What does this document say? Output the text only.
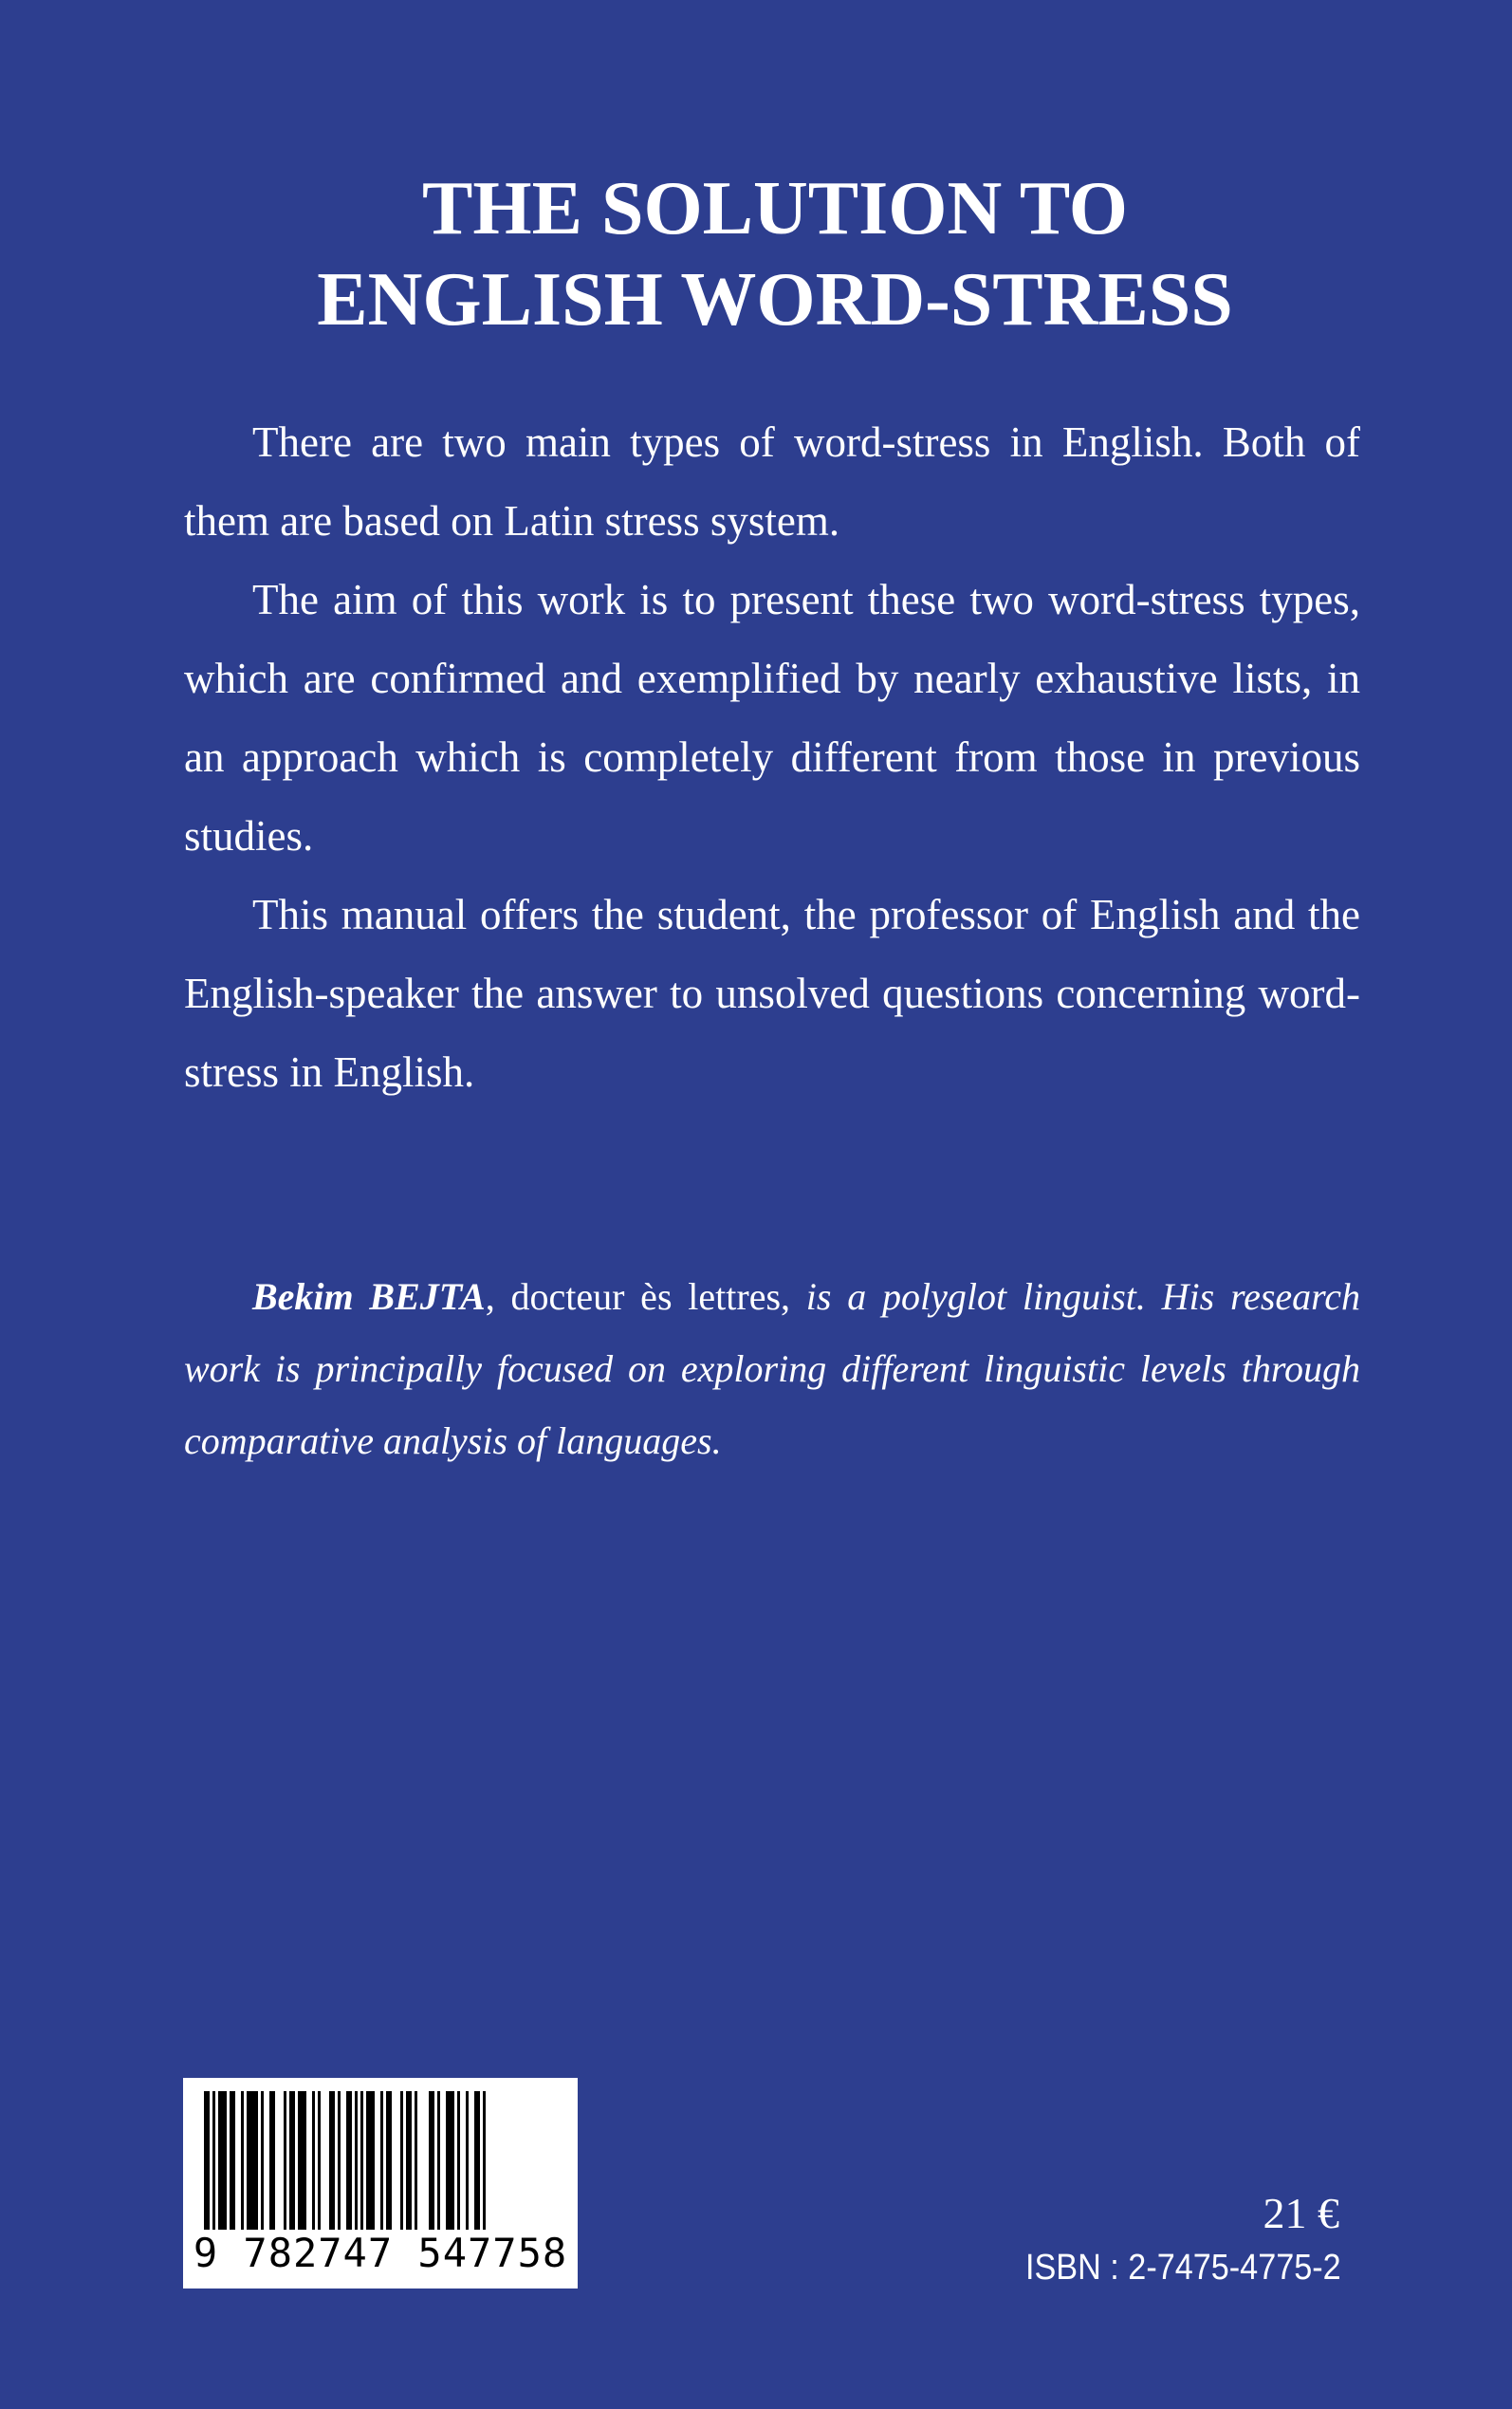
THE SOLUTION TO
ENGLISH WORD-STRESS

There are two main types of word-stress in English. Both of them are based on Latin stress system.

The aim of this work is to present these two word-stress types, which are confirmed and exemplified by nearly exhaustive lists, in an approach which is completely different from those in previous studies.

This manual offers the student, the professor of English and the English-speaker the answer to unsolved questions concerning word-stress in English.

Bekim BEJTA, docteur ès lettres, is a polyglot linguist. His research work is principally focused on exploring different linguistic levels through comparative analysis of languages.

9 782747 547758
21 €
ISBN : 2-7475-4775-2
